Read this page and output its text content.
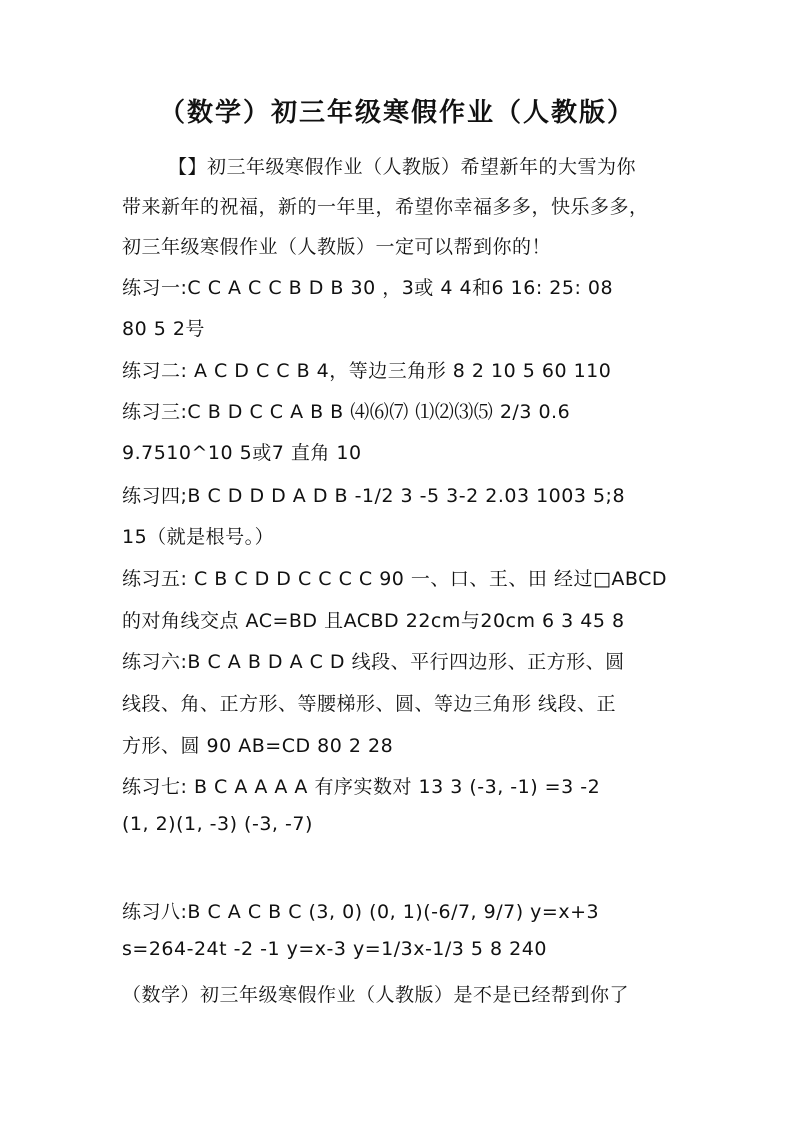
（数学）初三年级寒假作业（人教版）
【】初三年级寒假作业（人教版）希望新年的大雪为你
带来新年的祝福，新的一年里，希望你幸福多多，快乐多多，
初三年级寒假作业（人教版）一定可以帮到你的！
练习一:C C A C C B D B 30 ，3或 4 4和6 16: 25: 08
80 5 2号
练习二: A C D C C B 4，等边三角形 8 2 10 5 60 110
练习三:C B D C C A B B ⑷⑹⑺ ⑴⑵⑶⑸ 2/3 0.6
9.7510^10 5或7 直角 10
练习四;B C D D D A D B -1/2 3 -5 3-2 2.03 1003 5;8
15（就是根号。）
练习五: C B C D D C C C C 90 一、口、王、田 经过□ABCD
的对角线交点 AC=BD 且ACBD 22cm与20cm 6 3 45 8
练习六:B C A B D A C D 线段、平行四边形、正方形、圆
线段、角、正方形、等腰梯形、圆、等边三角形 线段、正
方形、圆 90 AB=CD 80 2 28
练习七: B C A A A A 有序实数对 13 3 (-3, -1) =3 -2
(1, 2)(1, -3) (-3, -7)
练习八:B C A C B C (3, 0) (0, 1)(-6/7, 9/7) y=x+3
s=264-24t -2 -1 y=x-3 y=1/3x-1/3 5 8 240
（数学）初三年级寒假作业（人教版）是不是已经帮到你了
